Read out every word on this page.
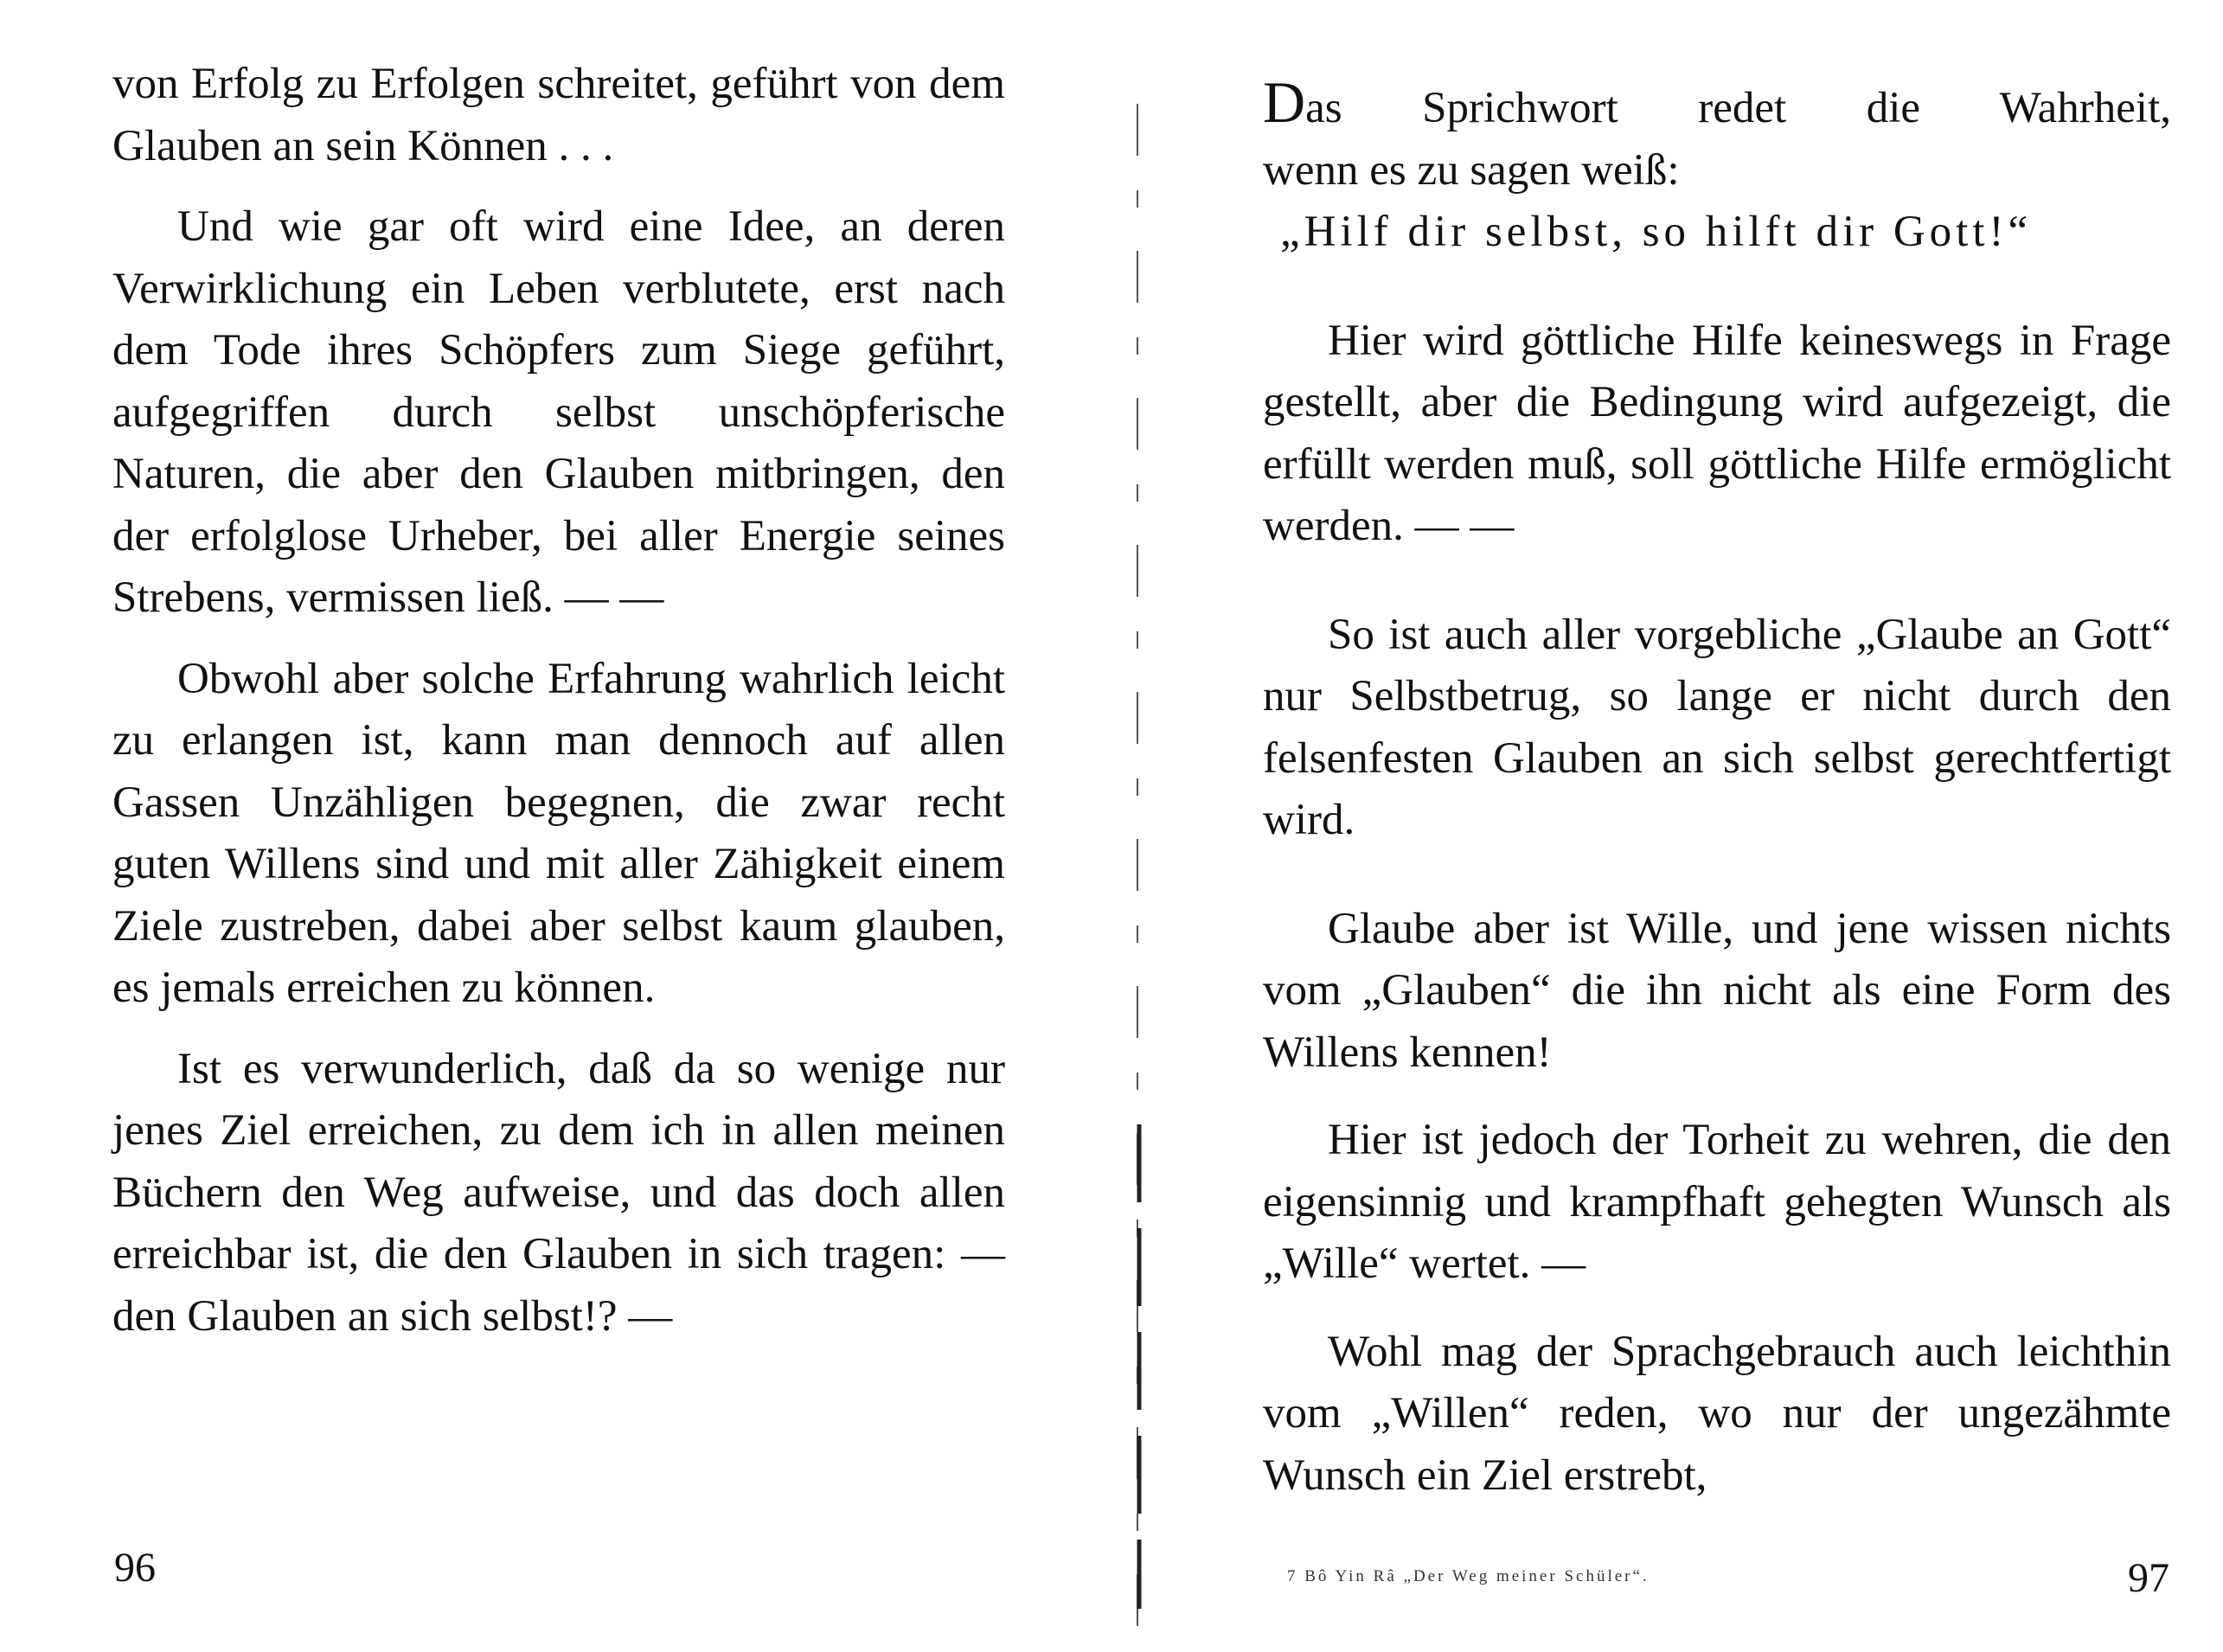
von Erfolg zu Erfolgen schreitet, geführt von dem Glauben an sein Können . . .

Und wie gar oft wird eine Idee, an deren Verwirklichung ein Leben verblutete, erst nach dem Tode ihres Schöpfers zum Siege geführt, aufgegriffen durch selbst unschöpferische Naturen, die aber den Glauben mitbringen, den der erfolglose Urheber, bei aller Energie seines Strebens, vermissen ließ. — —

Obwohl aber solche Erfahrung wahrlich leicht zu erlangen ist, kann man dennoch auf allen Gassen Unzähligen begegnen, die zwar recht guten Willens sind und mit aller Zähigkeit einem Ziele zustreben, dabei aber selbst kaum glauben, es jemals erreichen zu können.

Ist es verwunderlich, daß da so wenige nur jenes Ziel erreichen, zu dem ich in allen meinen Büchern den Weg aufweise, und das doch allen erreichbar ist, die den Glauben in sich tragen: — den Glauben an sich selbst!? —

96

Das Sprichwort redet die Wahrheit,
wenn es zu sagen weiß:
„Hilf dir selbst, so hilft dir Gott!“

Hier wird göttliche Hilfe keineswegs in Frage gestellt, aber die Bedingung wird aufgezeigt, die erfüllt werden muß, soll göttliche Hilfe ermöglicht werden. — —

So ist auch aller vorgebliche „Glaube an Gott“ nur Selbstbetrug, so lange er nicht durch den felsenfesten Glauben an sich selbst gerechtfertigt wird.

Glaube aber ist Wille, und jene wissen nichts vom „Glauben“ die ihn nicht als eine Form des Willens kennen!

Hier ist jedoch der Torheit zu wehren, die den eigensinnig und krampfhaft gehegten Wunsch als „Wille“ wertet. —

Wohl mag der Sprachgebrauch auch leichthin vom „Willen“ reden, wo nur der ungezähmte Wunsch ein Ziel erstrebt,

7 Bô Yin Râ „Der Weg meiner Schüler“.	97
